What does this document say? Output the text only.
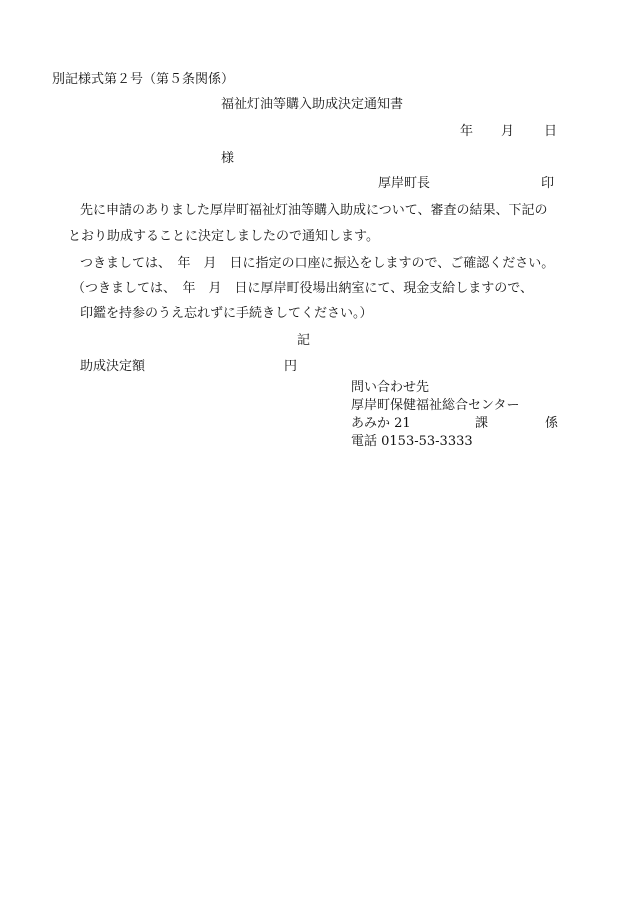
別記様式第２号（第５条関係）
福祉灯油等購入助成決定通知書
年 月 日
様
厚岸町長	印
先に申請のありました厚岸町福祉灯油等購入助成について、審査の結果、下記の
とおり助成することに決定しましたので通知します。
つきましては、　年　月　日に指定の口座に振込をしますので、ご確認ください。
（つきましては、　年　月　日に厚岸町役場出納室にて、現金支給しますので、
印鑑を持参のうえ忘れずに手続きしてください。）
記
助成決定額	円
問い合わせ先
厚岸町保健福祉総合センター
あみか 21	課	係
電話 0153-53-3333
